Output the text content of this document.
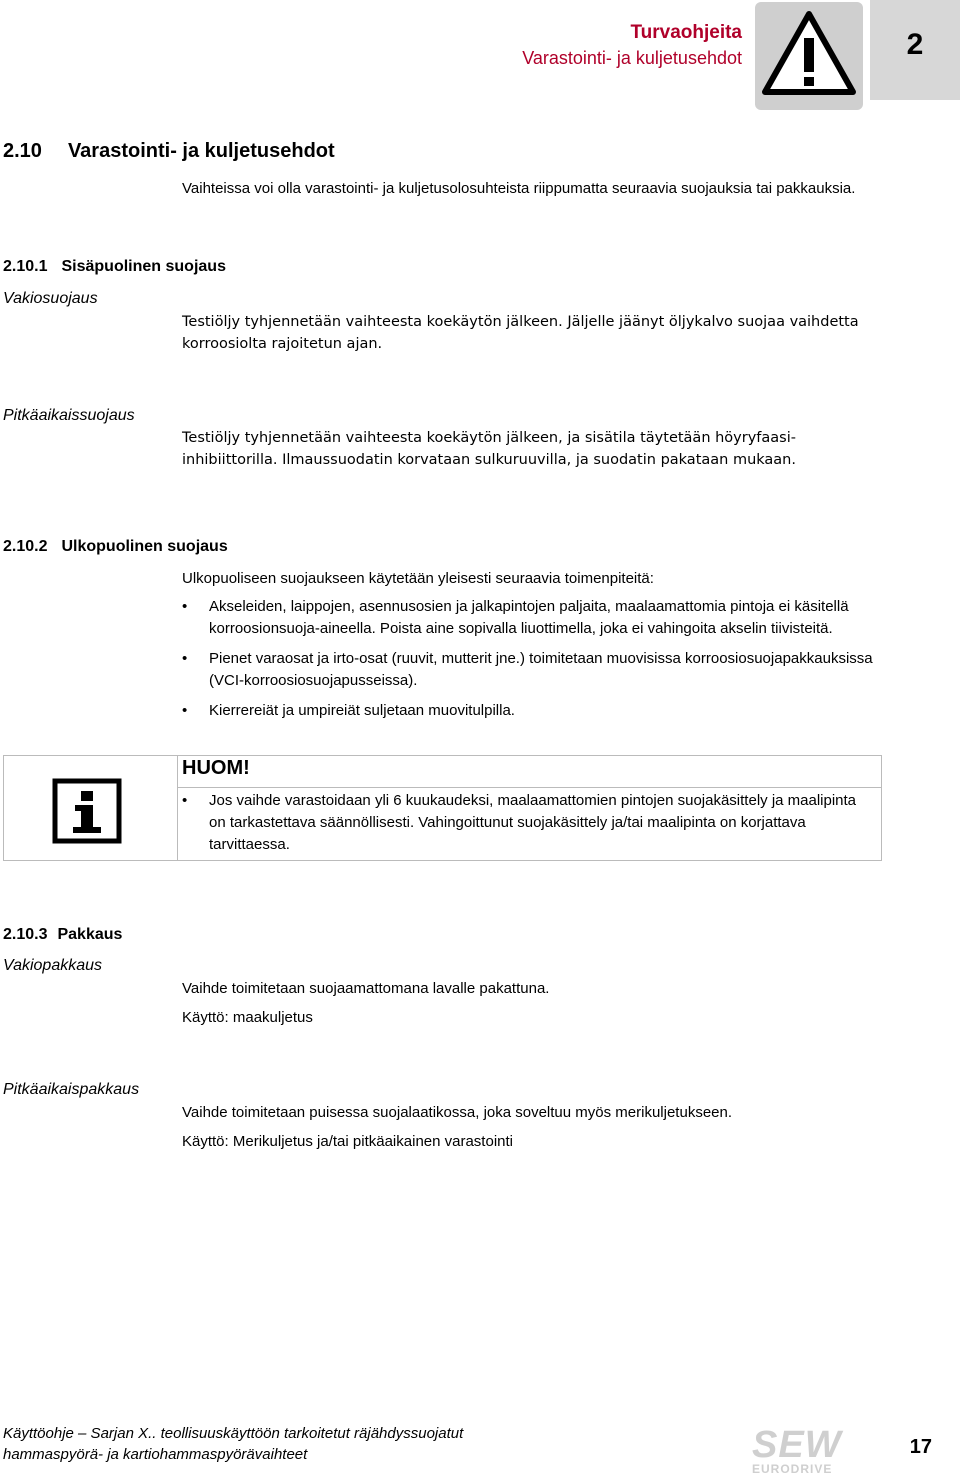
Turvaohjeita
Varastointi- ja kuljetusehdot	2
2.10 Varastointi- ja kuljetusehdot
Vaihteissa voi olla varastointi- ja kuljetusolosuhteista riippumatta seuraavia suojauksia tai pakkauksia.
2.10.1 Sisäpuolinen suojaus
Vakiosuojaus
Testiöljy tyhjennetään vaihteesta koekäytön jälkeen. Jäljelle jäänyt öljykalvo suojaa vaihdetta korroosiolta rajoitetun ajan.
Pitkäaikaissuojaus
Testiöljy tyhjennetään vaihteesta koekäytön jälkeen, ja sisätila täytetään höyryfaasi-inhibiittorilla. Ilmaussuodatin korvataan sulkuruuvilla, ja suodatin pakataan mukaan.
2.10.2 Ulkopuolinen suojaus
Ulkopuoliseen suojaukseen käytetään yleisesti seuraavia toimenpiteitä:
• Akseleiden, laippojen, asennusosien ja jalkapintojen paljaita, maalaamattomia pintoja ei käsitellä korroosionsuoja-aineella. Poista aine sopivalla liuottimella, joka ei vahingoita akselin tiivisteitä.
• Pienet varaosat ja irto-osat (ruuvit, mutterit jne.) toimitetaan muovisissa korroosiosuojapakkauksissa (VCI-korroosiosuojapusseissa).
• Kierrereiät ja umpireiät suljetaan muovitulpilla.
HUOM!
• Jos vaihde varastoidaan yli 6 kuukaudeksi, maalaamattomien pintojen suojakäsittely ja maalipinta on tarkastettava säännöllisesti. Vahingoittunut suojakäsittely ja/tai maalipinta on korjattava tarvittaessa.
2.10.3 Pakkaus
Vakiopakkaus
Vaihde toimitetaan suojaamattomana lavalle pakattuna.
Käyttö: maakuljetus
Pitkäaikaispakkaus
Vaihde toimitetaan puisessa suojalaatikossa, joka soveltuu myös merikuljetukseen.
Käyttö: Merikuljetus ja/tai pitkäaikainen varastointi
Käyttöohje – Sarjan X.. teollisuuskäyttöön tarkoitetut räjähdyssuojatut
hammaspyörä- ja kartiohammaspyörävaihteet	SEW
EURODRIVE
17
